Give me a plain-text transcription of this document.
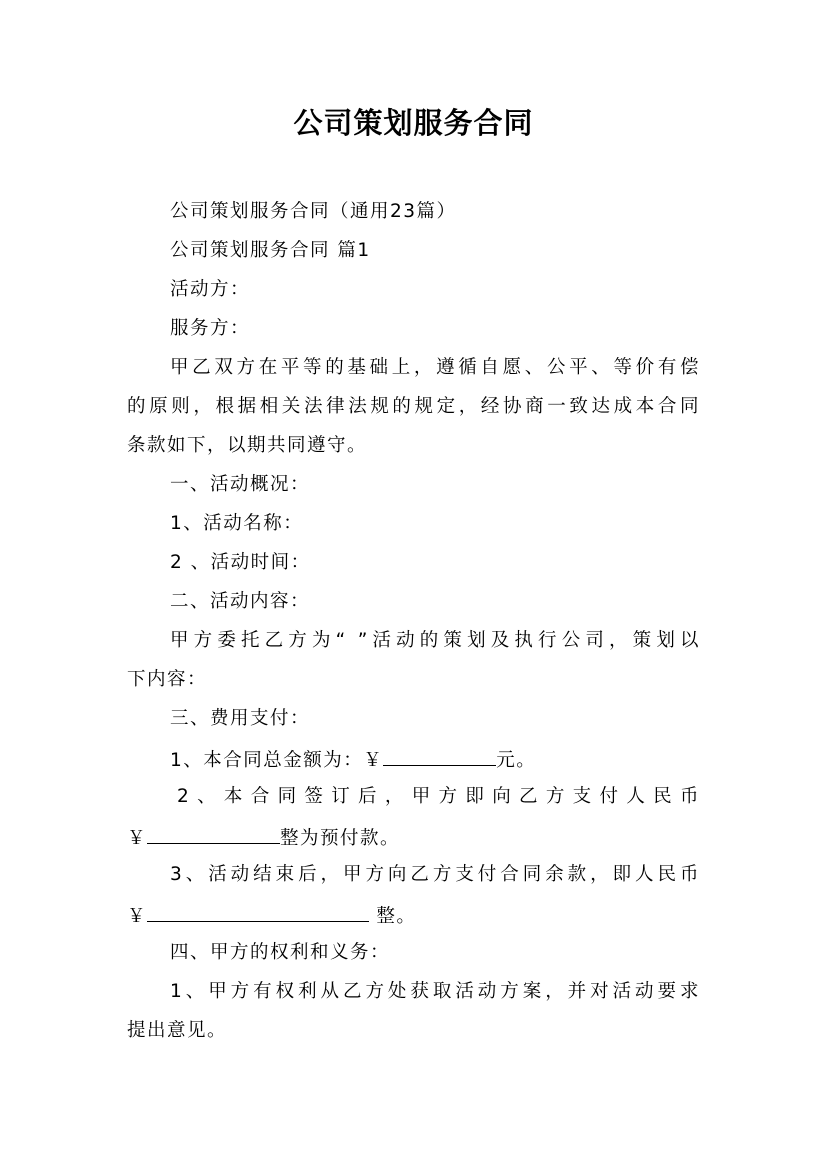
公司策划服务合同
公司策划服务合同（通用23篇）
公司策划服务合同 篇1
活动方：
服务方：
甲乙双方在平等的基础上，遵循自愿、公平、等价有偿
的原则，根据相关法律法规的规定，经协商一致达成本合同
条款如下，以期共同遵守。
一、活动概况：
1、活动名称：
2 、活动时间：
二、活动内容：
甲方委托乙方为“ ”活动的策划及执行公司，策划以
下内容：
三、费用支付：
1、本合同总金额为：￥	元。
2、本合同签订后，甲方即向乙方支付人民币
￥	整为预付款。
3、活动结束后，甲方向乙方支付合同余款，即人民币
￥	整。
四、甲方的权利和义务：
1、甲方有权利从乙方处获取活动方案，并对活动要求
提出意见。
